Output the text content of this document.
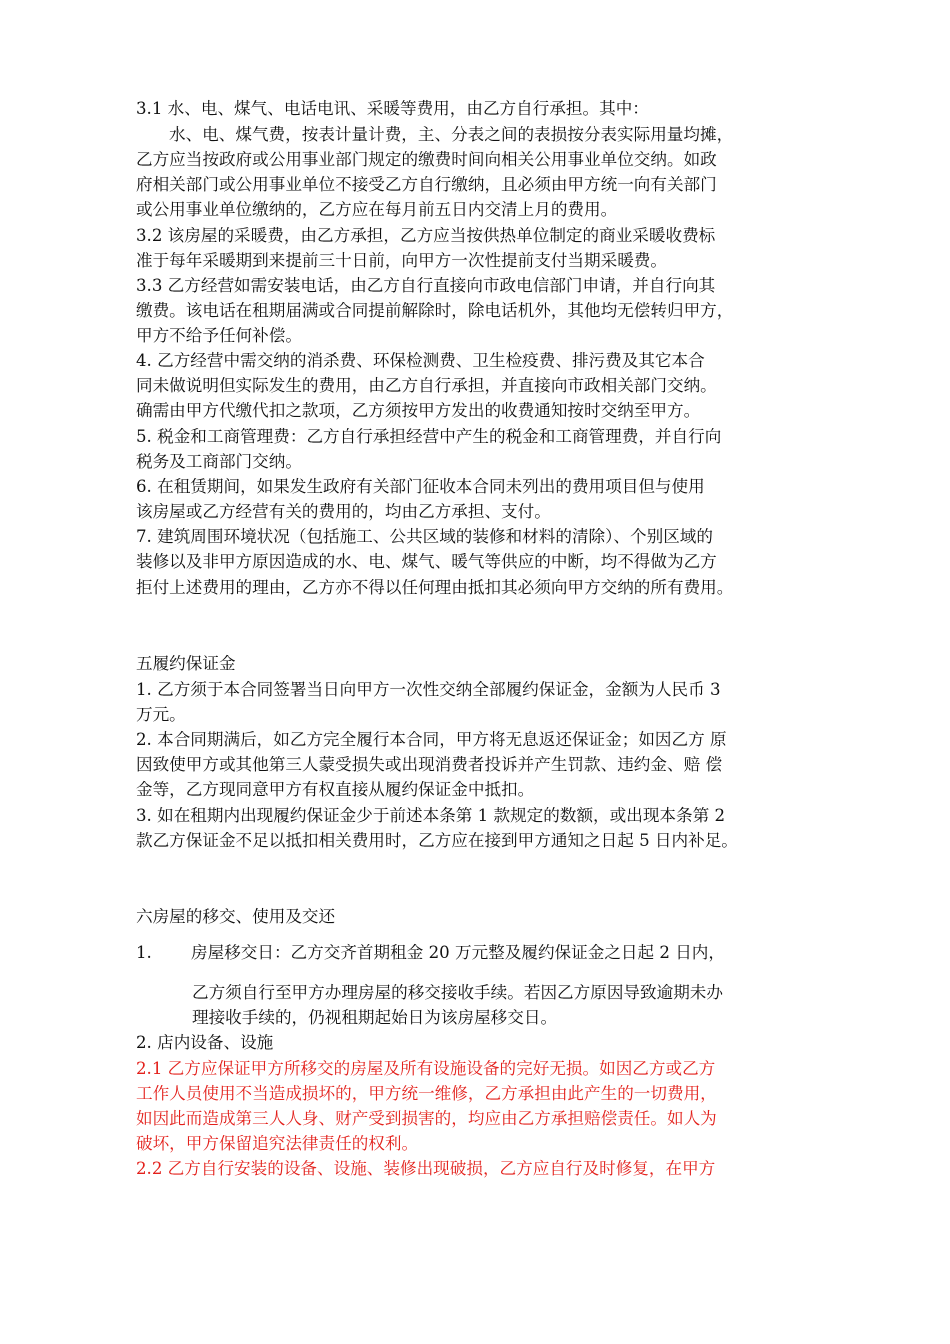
3.1 水、电、煤气、电话电讯、采暖等费用，由乙方自行承担。其中：
水、电、煤气费，按表计量计费，主、分表之间的表损按分表实际用量均摊，
乙方应当按政府或公用事业部门规定的缴费时间向相关公用事业单位交纳。如政
府相关部门或公用事业单位不接受乙方自行缴纳，且必须由甲方统一向有关部门
或公用事业单位缴纳的，乙方应在每月前五日内交清上月的费用。
3.2 该房屋的采暖费，由乙方承担，乙方应当按供热单位制定的商业采暖收费标
准于每年采暖期到来提前三十日前，向甲方一次性提前支付当期采暖费。
3.3 乙方经营如需安装电话，由乙方自行直接向市政电信部门申请，并自行向其
缴费。该电话在租期届满或合同提前解除时，除电话机外，其他均无偿转归甲方，
甲方不给予任何补偿。
4. 乙方经营中需交纳的消杀费、环保检测费、卫生检疫费、排污费及其它本合
同未做说明但实际发生的费用，由乙方自行承担，并直接向市政相关部门交纳。
确需由甲方代缴代扣之款项，乙方须按甲方发出的收费通知按时交纳至甲方。
5. 税金和工商管理费：乙方自行承担经营中产生的税金和工商管理费，并自行向
税务及工商部门交纳。
6. 在租赁期间，如果发生政府有关部门征收本合同未列出的费用项目但与使用
该房屋或乙方经营有关的费用的，均由乙方承担、支付。
7. 建筑周围环境状况（包括施工、公共区域的装修和材料的清除）、个别区域的
装修以及非甲方原因造成的水、电、煤气、暖气等供应的中断，均不得做为乙方
拒付上述费用的理由，乙方亦不得以任何理由抵扣其必须向甲方交纳的所有费用。
五履约保证金
1. 乙方须于本合同签署当日向甲方一次性交纳全部履约保证金，金额为人民币 3
万元。
2. 本合同期满后，如乙方完全履行本合同，甲方将无息返还保证金；如因乙方 原
因致使甲方或其他第三人蒙受损失或出现消费者投诉并产生罚款、违约金、赔 偿
金等，乙方现同意甲方有权直接从履约保证金中抵扣。
3. 如在租期内出现履约保证金少于前述本条第 1 款规定的数额，或出现本条第 2
款乙方保证金不足以抵扣相关费用时，乙方应在接到甲方通知之日起 5 日内补足。
六房屋的移交、使用及交还
1. 房屋移交日：乙方交齐首期租金 20 万元整及履约保证金之日起 2 日内，
乙方须自行至甲方办理房屋的移交接收手续。若因乙方原因导致逾期未办
理接收手续的，仍视租期起始日为该房屋移交日。
2. 店内设备、设施
2.1 乙方应保证甲方所移交的房屋及所有设施设备的完好无损。如因乙方或乙方
工作人员使用不当造成损坏的，甲方统一维修，乙方承担由此产生的一切费用，
如因此而造成第三人人身、财产受到损害的，均应由乙方承担赔偿责任。如人为
破坏，甲方保留追究法律责任的权利。
2.2 乙方自行安装的设备、设施、装修出现破损，乙方应自行及时修复，在甲方
